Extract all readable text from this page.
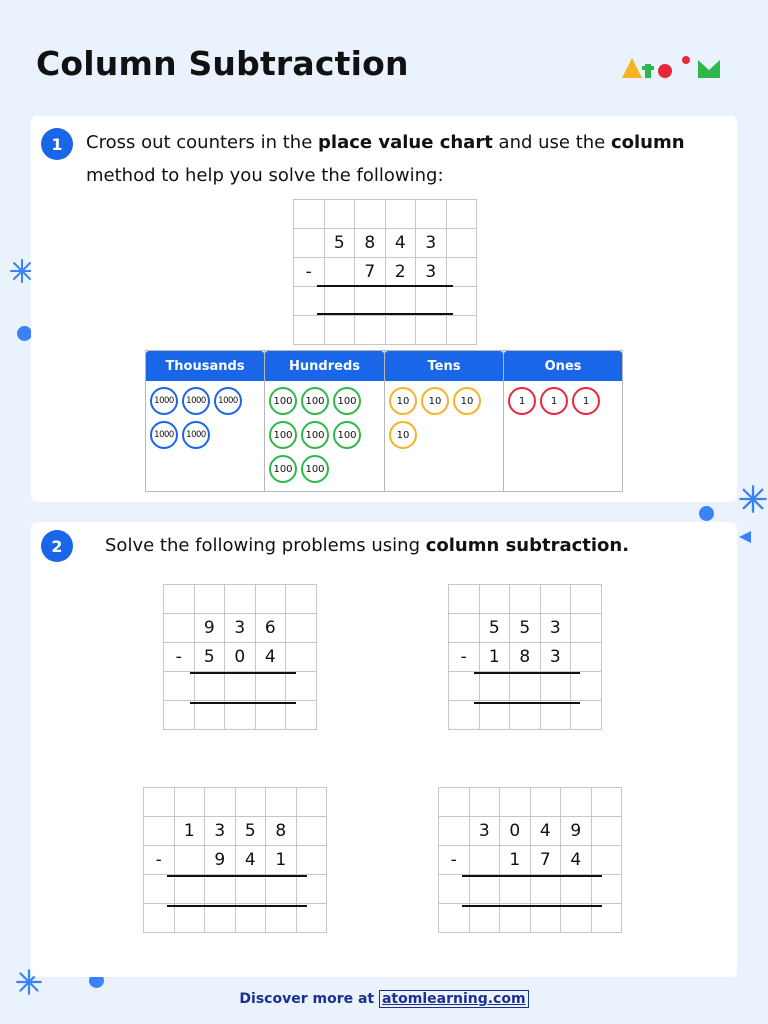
Column Subtraction
1	Cross out counters in the place value chart and use the column method to help you solve the following:

	5	8	4	3	
-		7	2	3	

Thousands
1000	1000	1000
1000	1000
Hundreds
100	100	100
100	100	100
100	100
Tens
10	10	10
10
Ones
1	1	1
2	Solve the following problems using column subtraction.

	9	3	6	
-	5	0	4	

	5	5	3	
-	1	8	3	

	1	3	5	8	
-		9	4	1	

	3	0	4	9	
-		1	7	4	

Discover more at atomlearning.com
